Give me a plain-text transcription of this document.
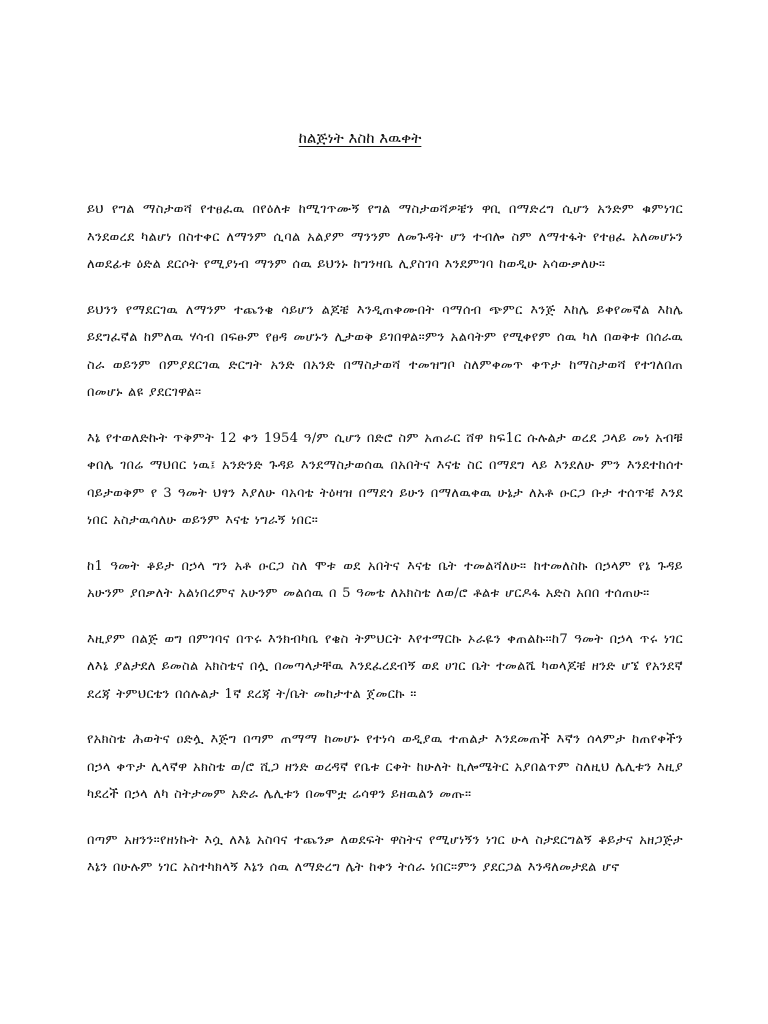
ከልጅነት እስከ እዉቀት

ይህ የግል ማስታወሻ የተፀፈዉ በየዕለቱ ከሚገጥሙኝ የግል ማስታወሻዎቼን ዋቢ በማድረግ ሲሆን አንድም ቁምነገር እንደወረደ ካልሆነ በስተቀር ለማንም ሲባል አልያም ማንንም ለመጉዳት ሆን ተብሎ ስም ለማተፋት የተፀፈ አለመሆኑን ለወደፊቱ ዕድል ደርሶት የሚያነብ ማንም ሰዉ ይህንኑ ከግንዛቤ ሊያስገባ እንደምገባ ከወዲሁ አሳውቃለሁ።

ይህንን የማደርገዉ ለማንም ተጨንቄ ሳይሆን ልጆቼ እንዲጠቀሙበት ባማሰብ ጭምር እንጅ እከሌ ይቀየመኛል እከሌ ይደግፈኛል ከምለዉ ሃሳብ በፍፁም የፀዳ መሆኑን ሊታወቅ ይገበዋል።ምን አልባትም የሚቀየም ሰዉ ካለ በወቅቱ በሰራዉ ስራ ወይንም በምያደርገዉ ድርግት አንድ በአንድ በማስታወሻ ተመዝግቦ ስለምቀመጥ ቀጥታ ከማስታወሻ የተገለበጠ በመሆኑ ልዩ ያደርገዋል።

እኔ የተወለድኩት ጥቅምት 12 ቀን 1954 ዓ/ም ሲሆን በድሮ ስም አጠራር ሸዋ ክፍ1ር ሱሉልታ ወረደ ጋላይ መነ አብቹ ቀበሌ ገበሬ ማህበር ነዉ፤ አንድንድ ጉዳይ እንደማስታወሰዉ በአበትና እናቴ ስር በማደግ ላይ እንደለሁ ምን እንደተከሰተ ባይታወቅም የ 3 ዓመት ህፃን እያለሁ ባአባቴ ትዕዛዝ በማደጎ ይሁን በማለዉቀዉ ሁኔታ ለአቶ ዑርጋ ቡታ ተሰጥቼ እንደ ነበር አስታዉሳለሁ ወይንም እናቴ ነግራኝ ነበር።

ከ1 ዓመት ቆይታ በኃላ ግን አቶ ዑርጋ ስለ ሞቱ ወደ አበትና እናቴ ቤት ተመልሻለሁ። ከተመለስኩ በኃላም የኔ ጉዳይ አሁንም ያበቃለት አልነበረምና አሁንም መልሰዉ በ 5 ዓመቴ ለአክስቴ ለወ/ሮ ቶልቱ ሆርዶፋ አድስ አበበ ተሰጠሁ።

እዚያም በልጅ ወግ በምገባና በጥሩ እንክብካቤ የቄስ ትምህርት እየተማርኩ ኦራዬን ቀጠልኩ።ከ7 ዓመት በኃላ ጥሩ ነገር ለእኔ ያልታደለ ይመስል አክስቴና በሏ በመጣላታቸዉ እንደፈረደብኝ ወደ ሀገር ቤት ተመልሼ ካወላጆቼ ዘንድ ሆኜ የአንደኛ ደረጃ ትምህርቴን በሰሉልታ 1ኛ ደረጃ ት/ቤት መከታተል ጀመርኩ ።

የአክስቴ ሕወትና ዐድሏ እጅግ በጣም ጠማማ ከመሆኑ የተነሳ ወዲያዉ ተጠልታ እንደመጠች እኛን ሰላምታ ከጠየቀችን በኃላ ቀጥታ ሊላኛዋ አክስቴ ወ/ሮ ሺጋ ዘንድ ወረዳኛ የቤቱ ርቀት ከሁለት ኪሎሜትር አያበልጥም ስለዚህ ሌሊቱን እዚያ ካደረች በኃላ ለካ ስትታመም አድራ ሌሊቱን በመሞቷ ሬሳዋን ይዘዉልን መጡ።

በጣም አዘንን።የዘነኩት እሷ ለእኔ አስባና ተጨንቃ ለወደፍት ዋስትና የሚሆነኝን ነገር ሁላ ስታደርግልኝ ቆይታና አዘጋጅታ እኔን በሁሉም ነገር አስተካክላኝ እኔን ሰዉ ለማድረግ ሌት ከቀን ትሰራ ነበር።ምን ያደርጋል እንዳለመታደል ሆኖ
